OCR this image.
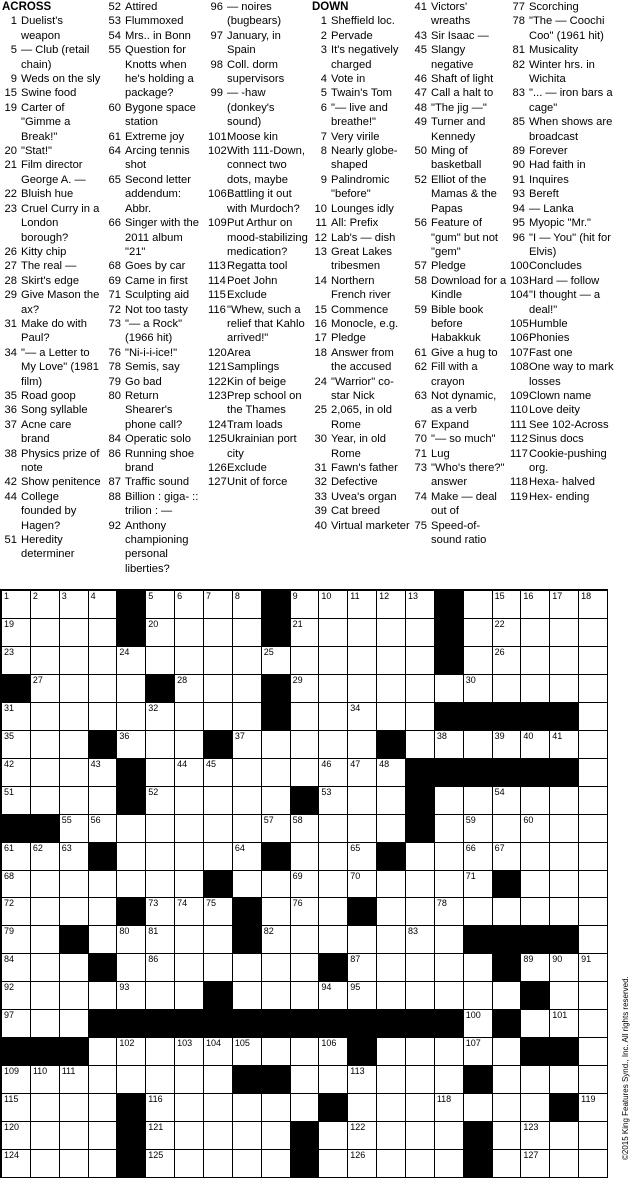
ACROSS
1 Duelist's weapon
5 — Club (retail chain)
9 Weds on the sly
15 Swine food
19 Carter of "Gimme a Break!"
20 "Stat!"
21 Film director George A. —
22 Bluish hue
23 Cruel Curry in a London borough?
26 Kitty chip
27 The real —
28 Skirt's edge
29 Give Mason the ax?
31 Make do with Paul?
34 "— a Letter to My Love" (1981 film)
35 Road goop
36 Song syllable
37 Acne care brand
38 Physics prize of note
42 Show penitence
44 College founded by Hagen?
51 Heredity determiner
52 Attired
53 Flummoxed
54 Mrs.. in Bonn
55 Question for Knotts when he's holding a package?
60 Bygone space station
61 Extreme joy
64 Arcing tennis shot
65 Second letter addendum: Abbr.
66 Singer with the 2011 album "21"
68 Goes by car
69 Came in first
71 Sculpting aid
72 Not too tasty
73 "— a Rock" (1966 hit)
76 "Ni-i-i-ice!"
78 Semis, say
79 Go bad
80 Return Shearer's phone call?
84 Operatic solo
86 Running shoe brand
87 Traffic sound
88 Billion : giga- :: trilion : —
92 Anthony championing personal liberties?
96 — noires (bugbears)
97 January, in Spain
98 Coll. dorm supervisors
99 — -haw (donkey's sound)
101 Moose kin
102 With 111-Down, connect two dots, maybe
106 Battling it out with Murdoch?
109 Put Arthur on mood-stabilizing medication?
113 Regatta tool
114 Poet John
115 Exclude
116 "Whew, such a relief that Kahlo arrived!"
120 Area
121 Samplings
122 Kin of beige
123 Prep school on the Thames
124 Tram loads
125 Ukrainian port city
126 Exclude
127 Unit of force
DOWN
1 Sheffield loc.
2 Pervade
3 It's negatively charged
4 Vote in
5 Twain's Tom
6 "— live and breathe!"
7 Very virile
8 Nearly globe-shaped
9 Palindromic "before"
10 Lounges idly
11 All: Prefix
12 Lab's — dish
13 Great Lakes tribesmen
14 Northern French river
15 Commence
16 Monocle, e.g.
17 Pledge
18 Answer from the accused
24 "Warrior" co-star Nick
25 2,065, in old Rome
30 Year, in old Rome
31 Fawn's father
32 Defective
33 Uvea's organ
39 Cat breed
40 Virtual marketer
41 Victors' wreaths
43 Sir Isaac —
45 Slangy negative
46 Shaft of light
47 Call a halt to
48 "The jig —"
49 Turner and Kennedy
50 Ming of basketball
52 Elliot of the Mamas & the Papas
56 Feature of "gum" but not "gem"
57 Pledge
58 Download for a Kindle
59 Bible book before Habakkuk
61 Give a hug to
62 Fill with a crayon
63 Not dynamic, as a verb
67 Expand
70 "— so much"
71 Lug
73 "Who's there?" answer
74 Make — deal out of
75 Speed-of-sound ratio
77 Scorching
78 "The — Coochi Coo" (1961 hit)
81 Musicality
82 Winter hrs. in Wichita
83 "... — iron bars a cage"
85 When shows are broadcast
89 Forever
90 Had faith in
91 Inquires
93 Bereft
94 — Lanka
95 Myopic "Mr."
96 "I — You" (hit for Elvis)
100 Concludes
103 Hard — follow
104 "I thought — a deal!"
105 Humble
106 Phonies
107 Fast one
108 One way to mark losses
109 Clown name
110 Love deity
111 See 102-Across
112 Sinus docs
117 Cookie-pushing org.
118 Hexa- halved
119 Hex- ending
1	2	3	4	5	6	7	8	9	10 11 12 13	15 16 17 18
19	20	21	22
23	24	25	26
27	28	29	30
31	32	34
35	36	37	38	39 40 41
42	43	44 45	46 47 48
51	52	53	54
55 56	57 58	59	60
61 62 63	64	65	66 67
68	69	70	71
72	73 74 75	76	78
79	80 81	82	83
84	86	87	89 90 91
92	93	94 95
97	100	101
102	103 104 105	106	107
109 110 111	113
115	116	118	119
120	121	122	123
124	125	126	127	©2015 King Features Synd., Inc. All rights reserved.
